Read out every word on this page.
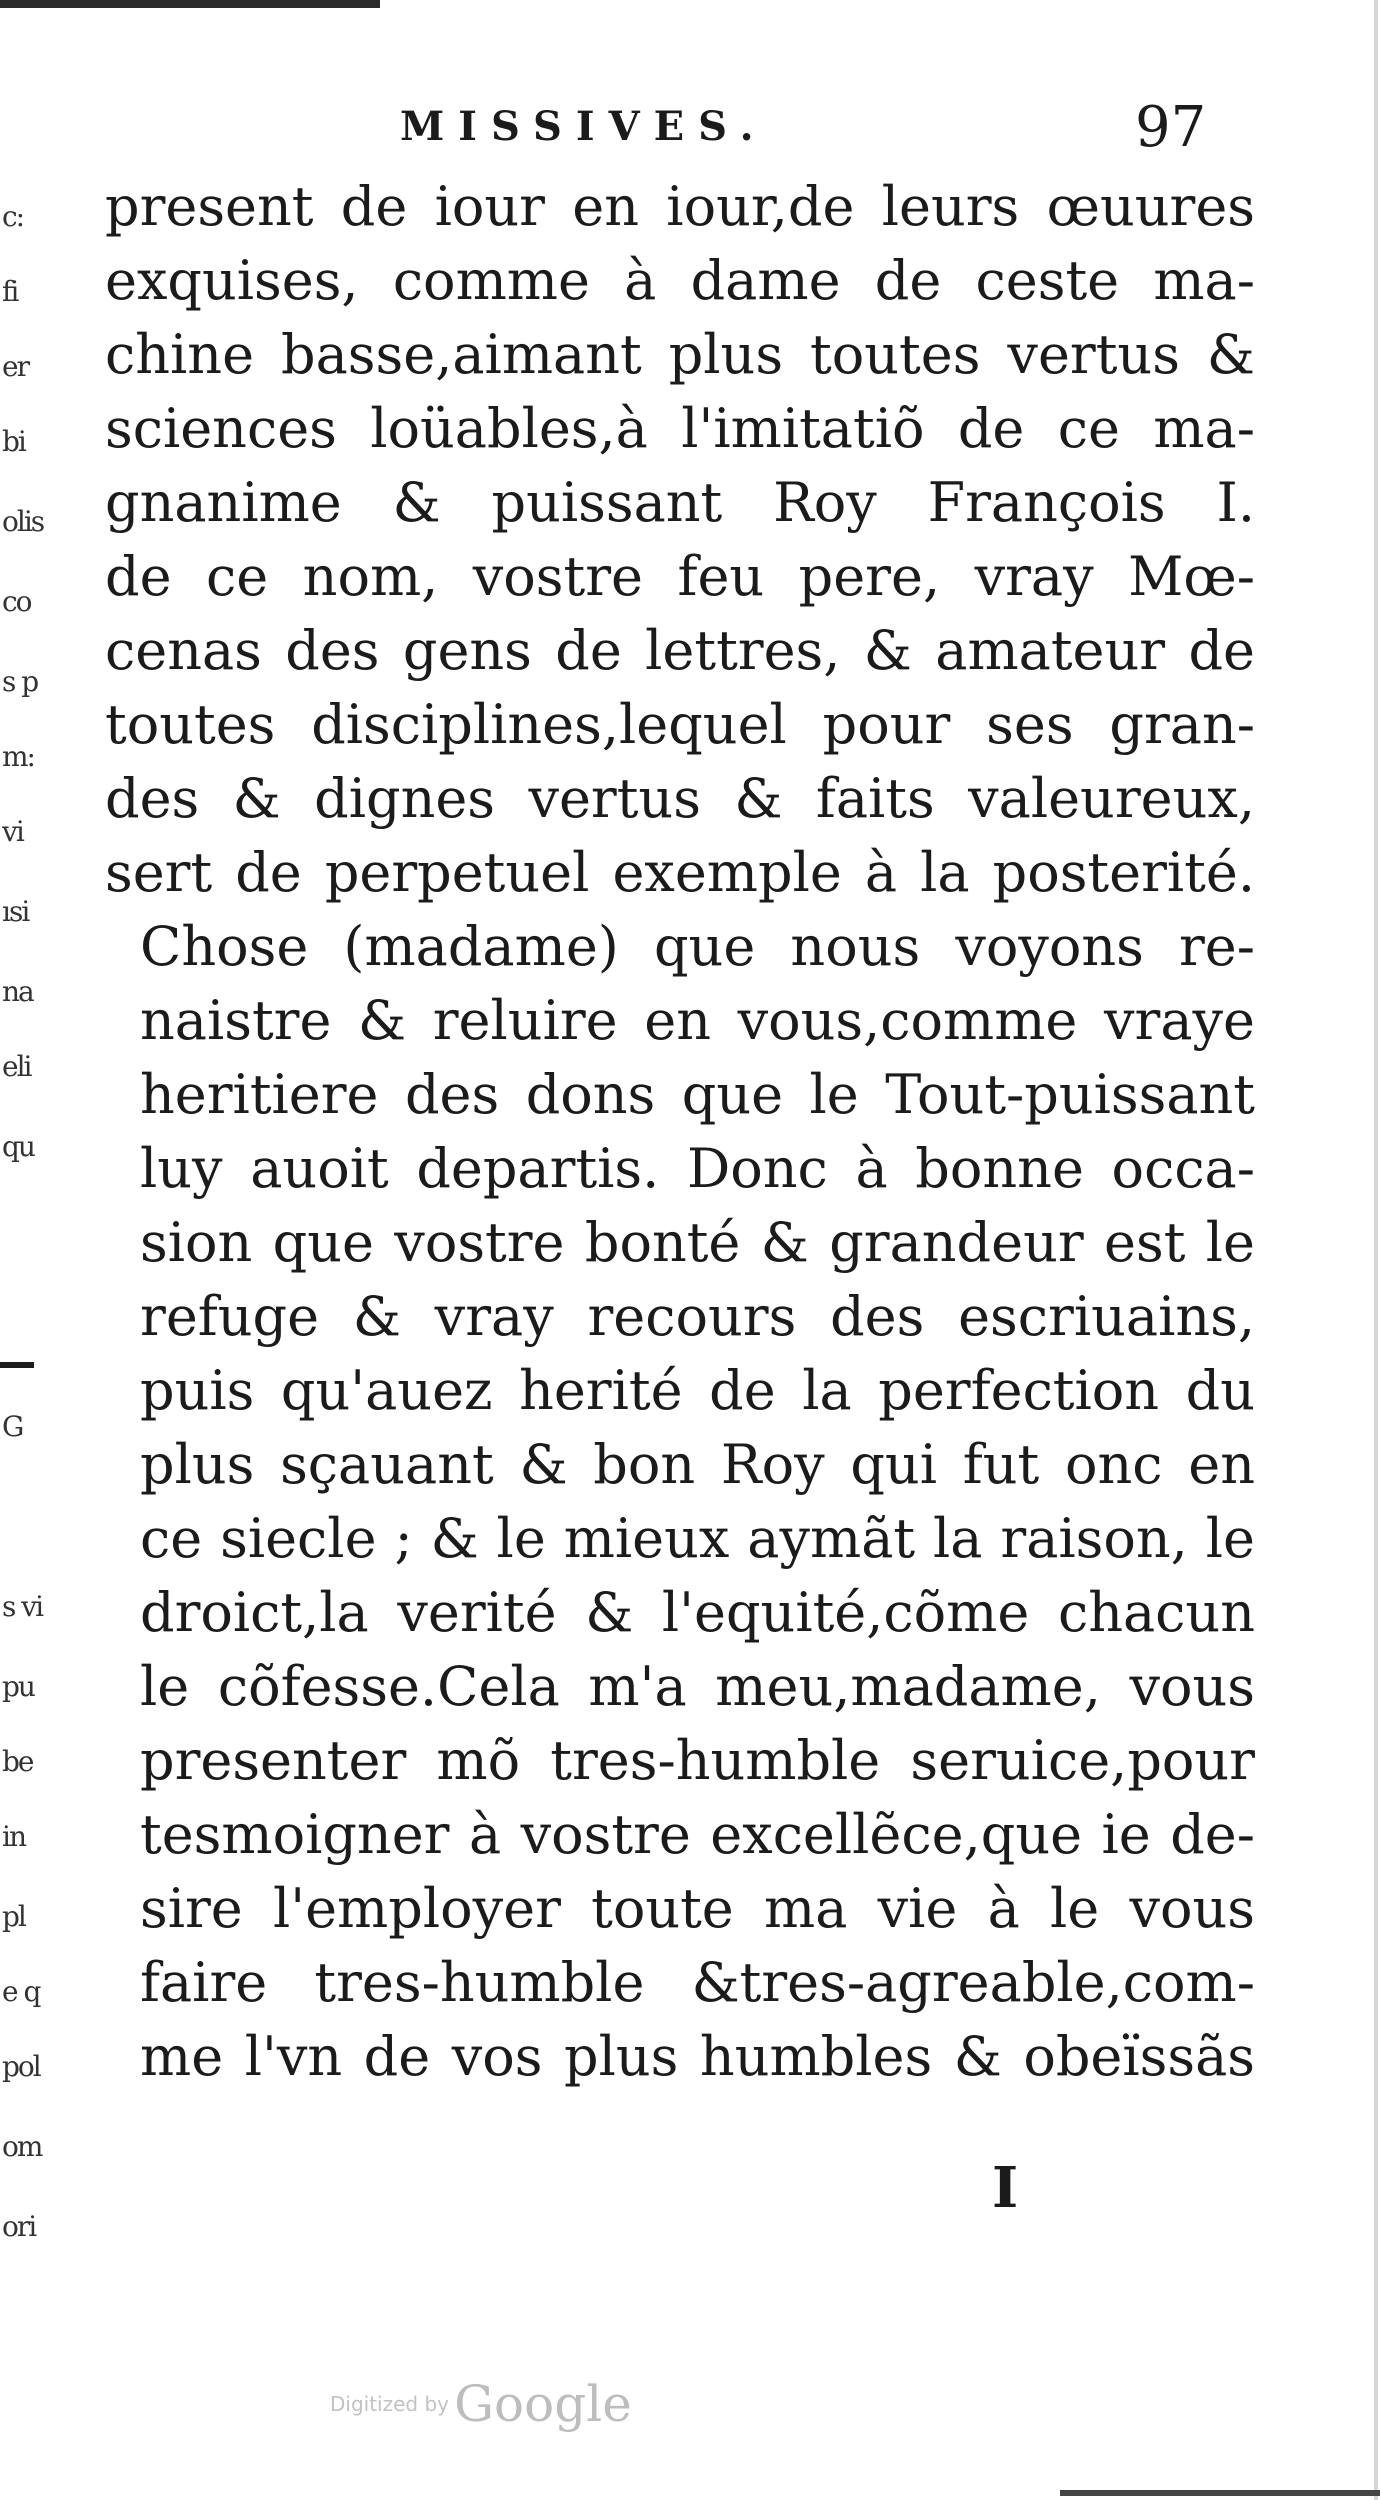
c:
fi
er
bi
olis
co
s p
m:
vi
ısi
na
eli
qu
G
s vi
pu
be
in
pl
e q
pol
om
ori
MISSIVES.	97
present de iour en iour,de leurs œuures
exquises, comme à dame de ceste ma-
chine basse,aimant plus toutes vertus &
sciences loüables,à l'imitatiõ de ce ma-
gnanime & puissant Roy François I.
de ce nom, vostre feu pere, vray Mœ-
cenas des gens de lettres, & amateur de
toutes disciplines,lequel pour ses gran-
des & dignes vertus & faits valeureux,
sert de perpetuel exemple à la posterité.
Chose (madame) que nous voyons re-
naistre & reluire en vous,comme vraye
heritiere des dons que le Tout-puissant
luy auoit departis. Donc à bonne occa-
sion que vostre bonté & grandeur est le
refuge & vray recours des escriuains,
puis qu'auez herité de la perfection du
plus sçauant & bon Roy qui fut onc en
ce siecle ; & le mieux aymãt la raison, le
droict,la verité & l'equité,cõme chacun
le cõfesse.Cela m'a meu,madame, vous
presenter mõ tres-humble seruice,pour
tesmoigner à vostre excellẽce,que ie de-
sire l'employer toute ma vie à le vous
faire tres-humble &tres-agreable,com-
me l'vn de vos plus humbles & obeïssãs
I
Digitized by Google
